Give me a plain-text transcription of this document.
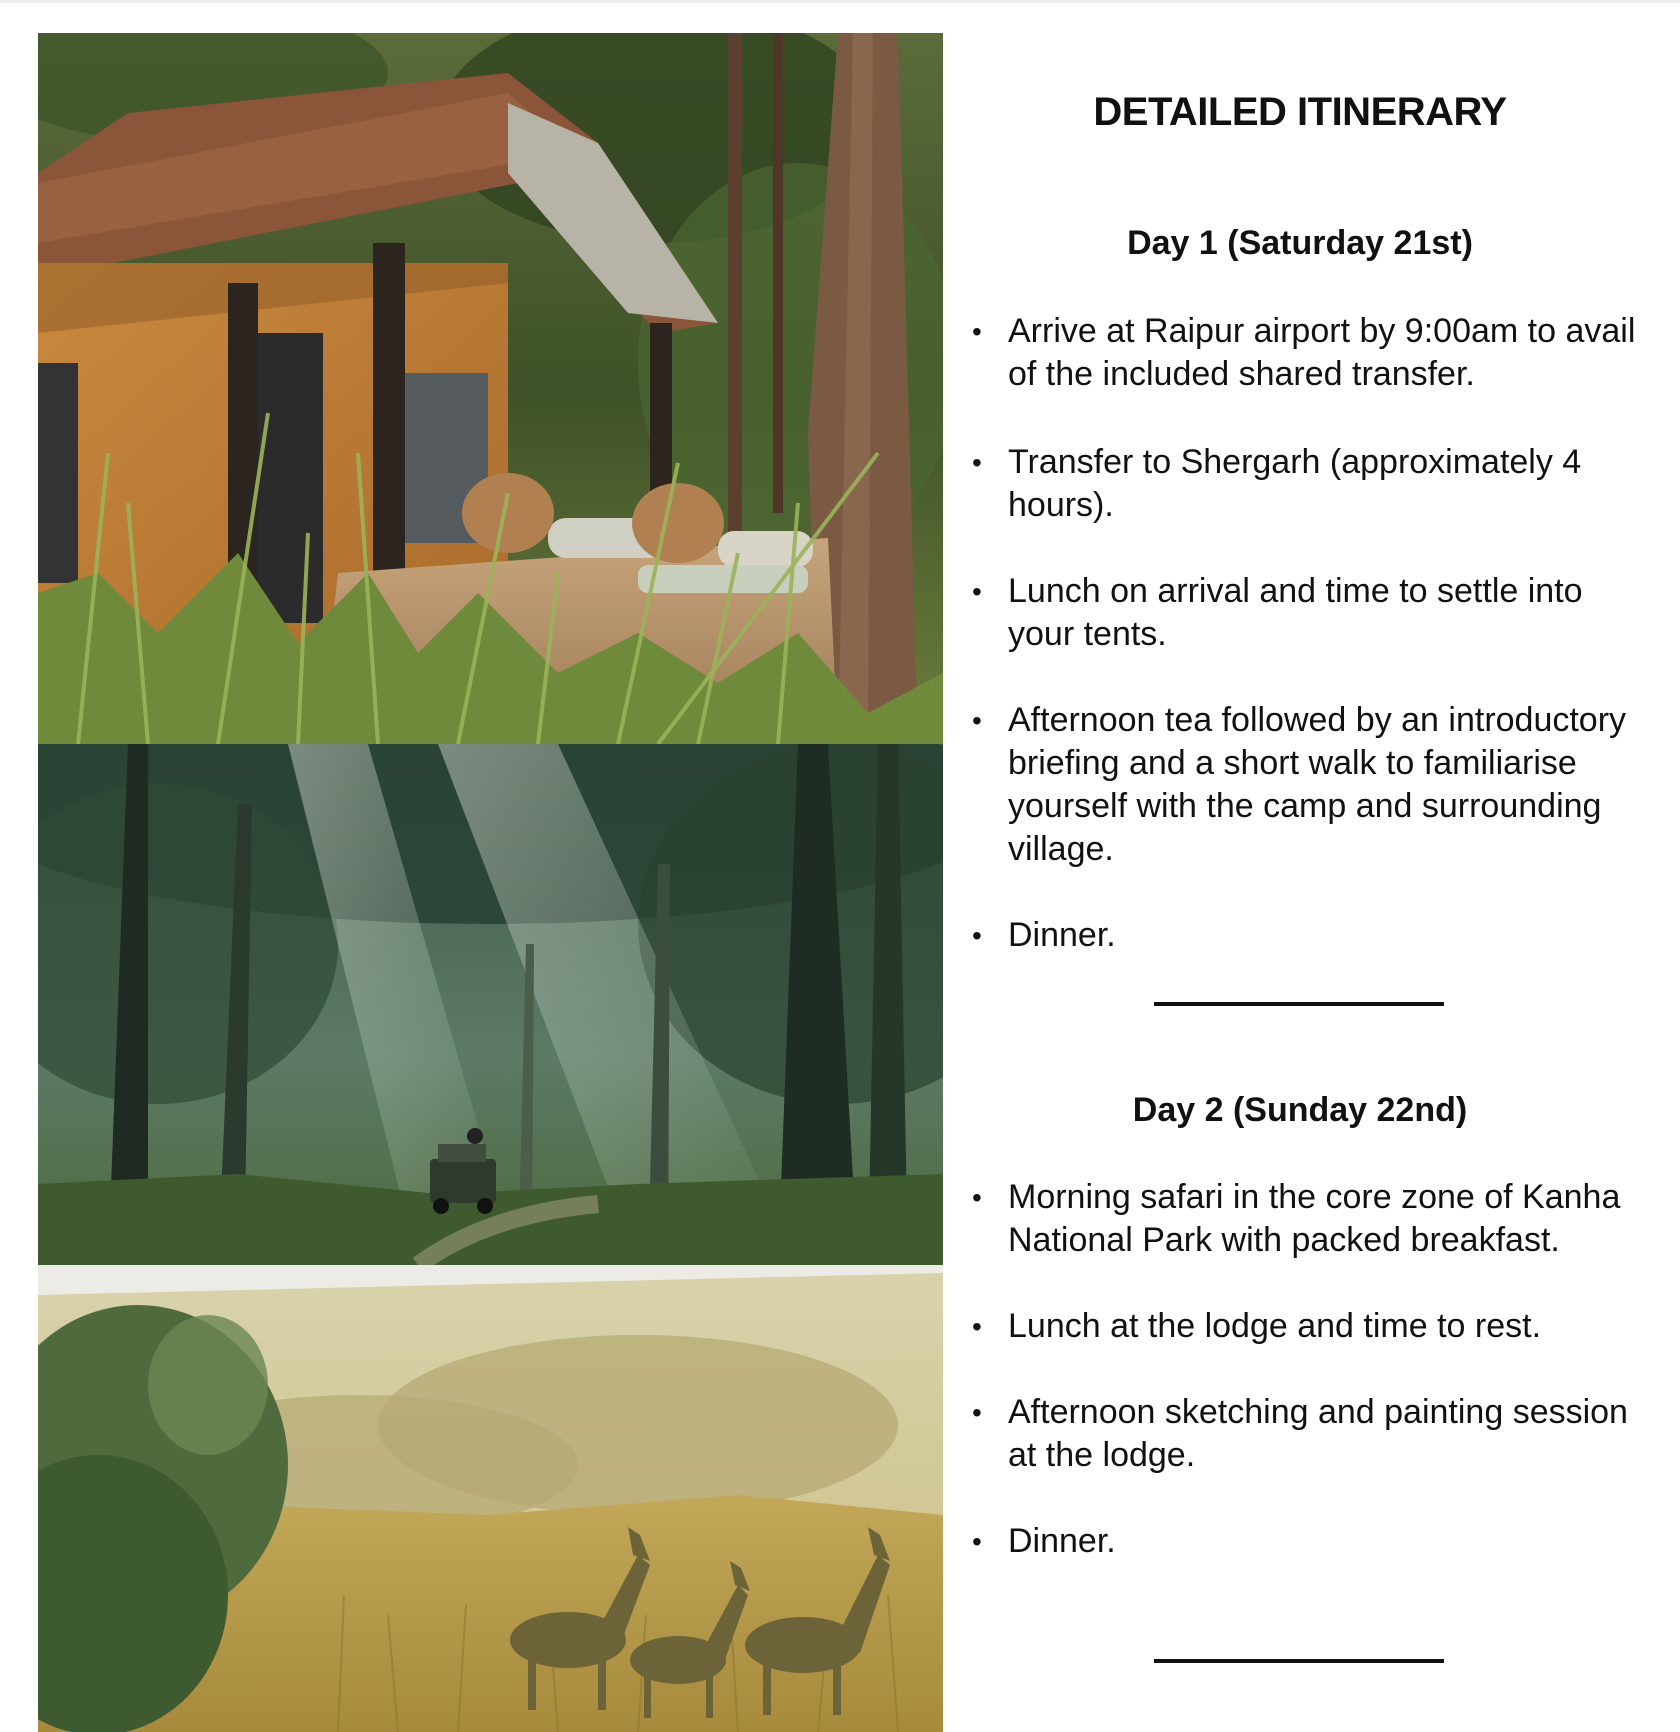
DETAILED ITINERARY
Day 1 (Saturday 21st)
• Arrive at Raipur airport by 9:00am to avail of the included shared transfer.
• Transfer to Shergarh (approximately 4 hours).
• Lunch on arrival and time to settle into your tents.
• Afternoon tea followed by an introductory briefing and a short walk to familiarise yourself with the camp and surrounding village.
• Dinner.
Day 2 (Sunday 22nd)
• Morning safari in the core zone of Kanha National Park with packed breakfast.
• Lunch at the lodge and time to rest.
• Afternoon sketching and painting session at the lodge.
• Dinner.
